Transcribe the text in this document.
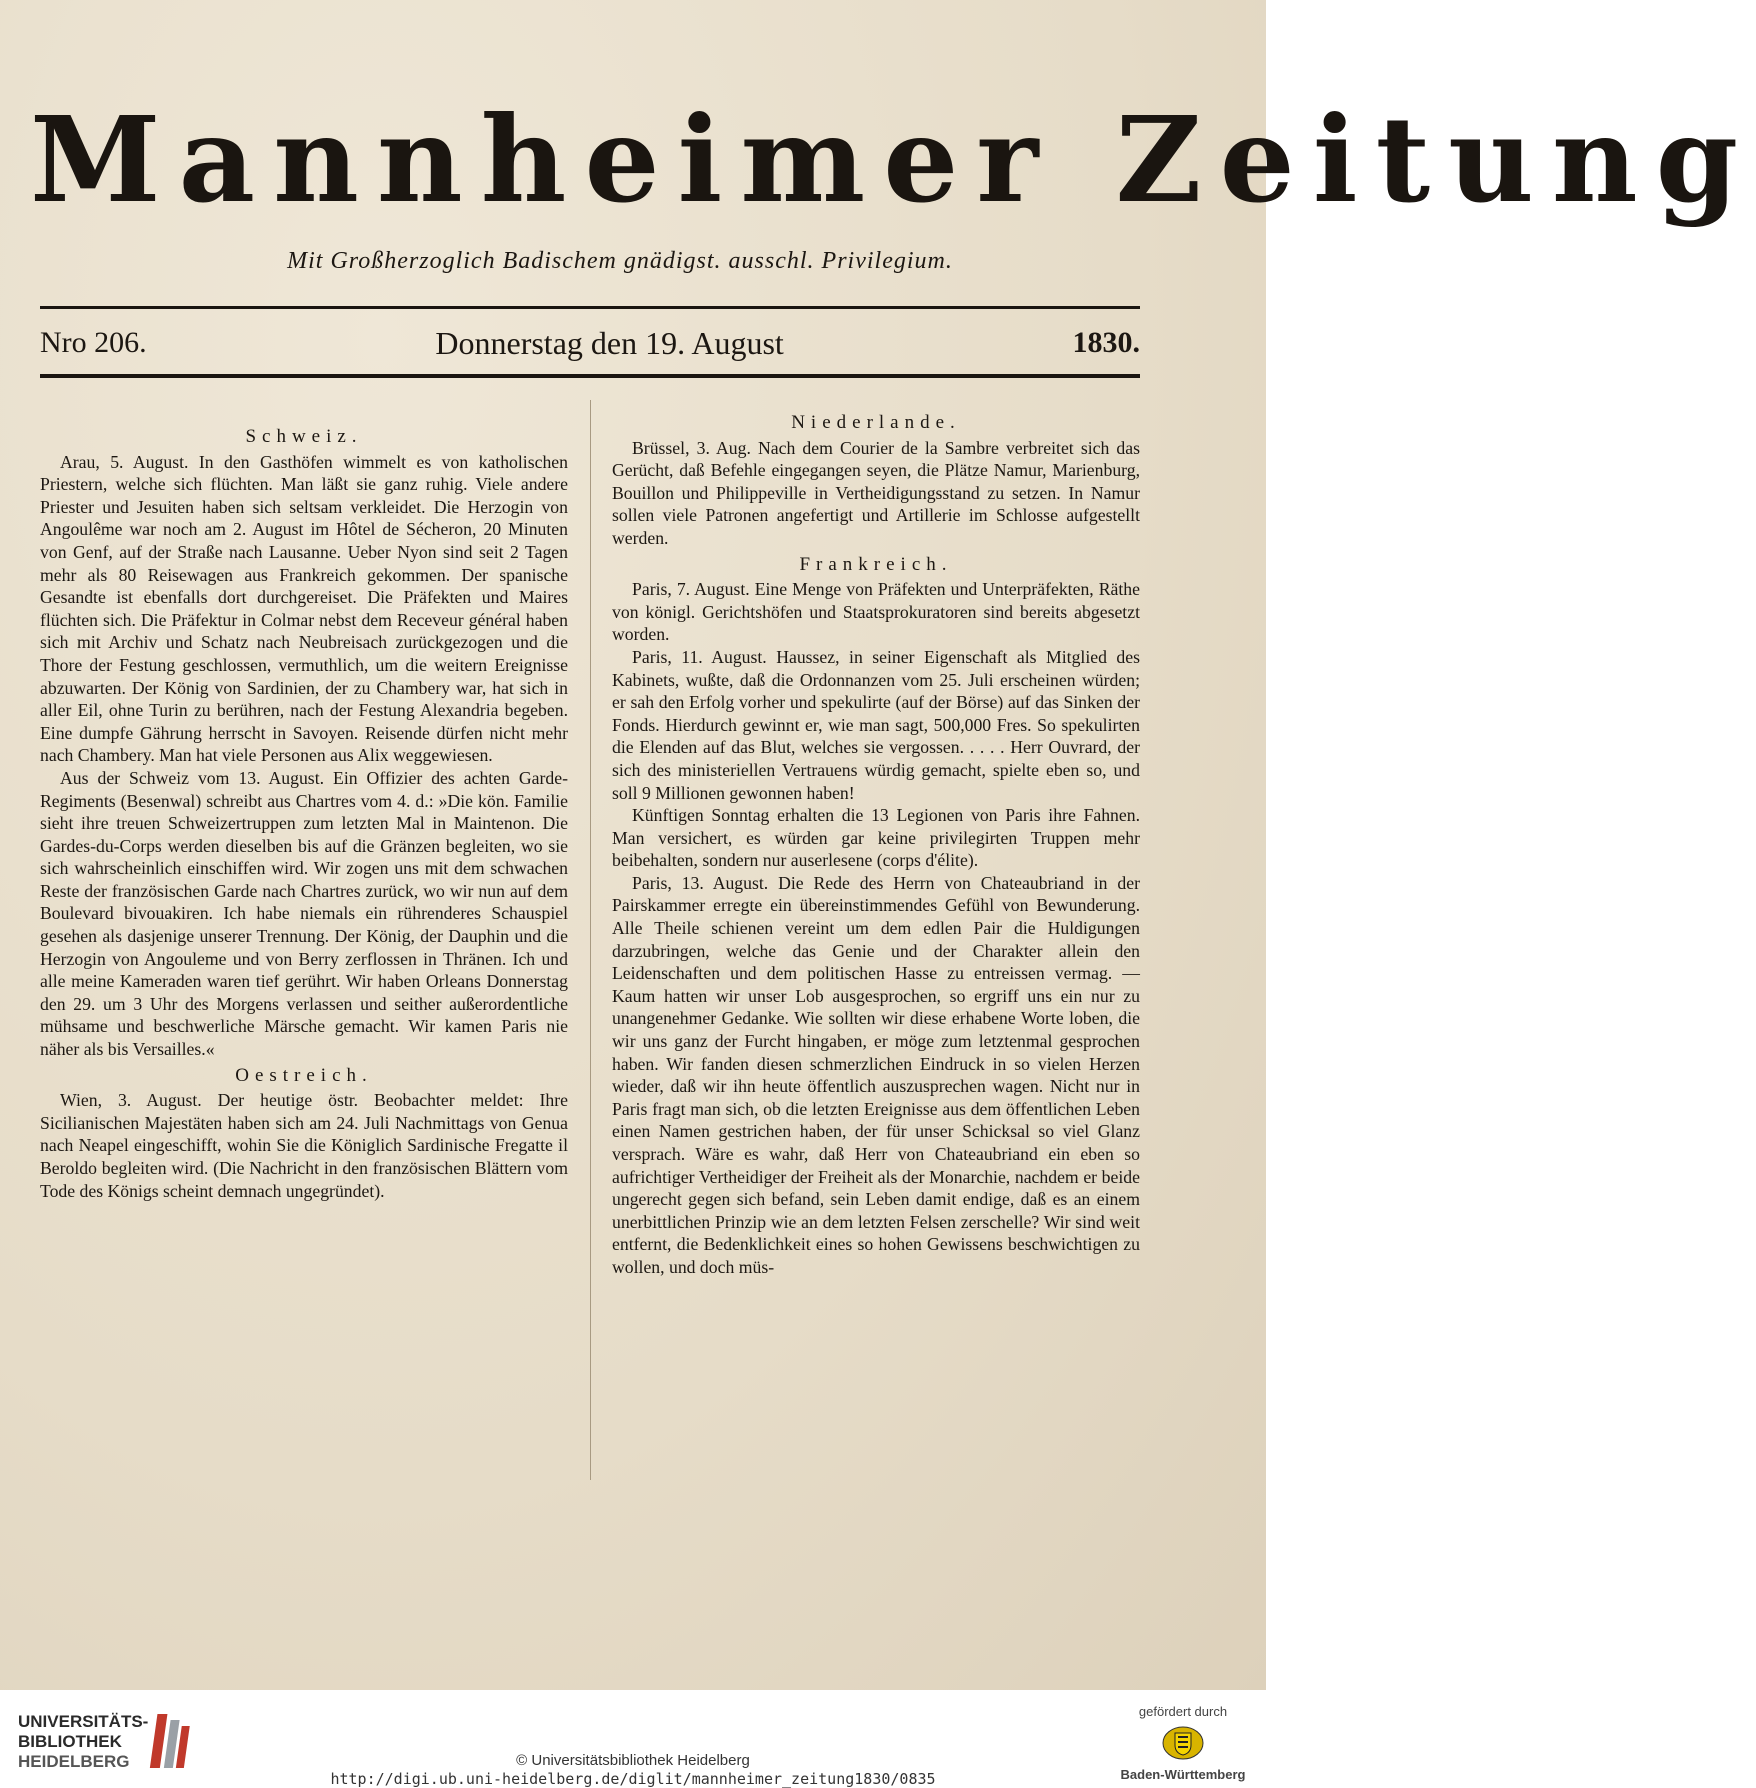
Mannheimer Zeitung
Mit Großherzoglich Badischem gnädigst. ausschl. Privilegium.
Nro 206.	Donnerstag den 19. August	1830.
Schweiz.

Arau, 5. August. In den Gasthöfen wimmelt es von katholischen Priestern, welche sich flüchten. Man läßt sie ganz ruhig. Viele andere Priester und Jesuiten haben sich seltsam verkleidet. Die Herzogin von Angoulême war noch am 2. August im Hôtel de Sécheron, 20 Minuten von Genf, auf der Straße nach Lausanne. Ueber Nyon sind seit 2 Tagen mehr als 80 Reisewagen aus Frankreich gekommen. Der spanische Gesandte ist ebenfalls dort durchgereiset. Die Präfekten und Maires flüchten sich. Die Präfektur in Colmar nebst dem Receveur général haben sich mit Archiv und Schatz nach Neubreisach zurückgezogen und die Thore der Festung geschlossen, vermuthlich, um die weitern Ereignisse abzuwarten. Der König von Sardinien, der zu Chambery war, hat sich in aller Eil, ohne Turin zu berühren, nach der Festung Alexandria begeben. Eine dumpfe Gährung herrscht in Savoyen. Reisende dürfen nicht mehr nach Chambery. Man hat viele Personen aus Alix weggewiesen.

Aus der Schweiz vom 13. August. Ein Offizier des achten Garde-Regiments (Besenwal) schreibt aus Chartres vom 4. d.: »Die kön. Familie sieht ihre treuen Schweizertruppen zum letzten Mal in Maintenon. Die Gardes-du-Corps werden dieselben bis auf die Gränzen begleiten, wo sie sich wahrscheinlich einschiffen wird. Wir zogen uns mit dem schwachen Reste der französischen Garde nach Chartres zurück, wo wir nun auf dem Boulevard bivouakiren. Ich habe niemals ein rührenderes Schauspiel gesehen als dasjenige unserer Trennung. Der König, der Dauphin und die Herzogin von Angouleme und von Berry zerflossen in Thränen. Ich und alle meine Kameraden waren tief gerührt. Wir haben Orleans Donnerstag den 29. um 3 Uhr des Morgens verlassen und seither außerordentliche mühsame und beschwerliche Märsche gemacht. Wir kamen Paris nie näher als bis Versailles.«

Oestreich.

Wien, 3. August. Der heutige östr. Beobachter meldet: Ihre Sicilianischen Majestäten haben sich am 24. Juli Nachmittags von Genua nach Neapel eingeschifft, wohin Sie die Königlich Sardinische Fregatte il Beroldo begleiten wird. (Die Nachricht in den französischen Blättern vom Tode des Königs scheint demnach ungegründet).

Niederlande.

Brüssel, 3. Aug. Nach dem Courier de la Sambre verbreitet sich das Gerücht, daß Befehle eingegangen seyen, die Plätze Namur, Marienburg, Bouillon und Philippeville in Vertheidigungsstand zu setzen. In Namur sollen viele Patronen angefertigt und Artillerie im Schlosse aufgestellt werden.

Frankreich.

Paris, 7. August. Eine Menge von Präfekten und Unterpräfekten, Räthe von königl. Gerichtshöfen und Staatsprokuratoren sind bereits abgesetzt worden.

Paris, 11. August. Haussez, in seiner Eigenschaft als Mitglied des Kabinets, wußte, daß die Ordonnanzen vom 25. Juli erscheinen würden; er sah den Erfolg vorher und spekulirte (auf der Börse) auf das Sinken der Fonds. Hierdurch gewinnt er, wie man sagt, 500,000 Fres. So spekulirten die Elenden auf das Blut, welches sie vergossen. . . . . Herr Ouvrard, der sich des ministeriellen Vertrauens würdig gemacht, spielte eben so, und soll 9 Millionen gewonnen haben!

Künftigen Sonntag erhalten die 13 Legionen von Paris ihre Fahnen. Man versichert, es würden gar keine privilegirten Truppen mehr beibehalten, sondern nur auserlesene (corps d'élite).

Paris, 13. August. Die Rede des Herrn von Chateaubriand in der Pairskammer erregte ein übereinstimmendes Gefühl von Bewunderung. Alle Theile schienen vereint um dem edlen Pair die Huldigungen darzubringen, welche das Genie und der Charakter allein den Leidenschaften und dem politischen Hasse zu entreissen vermag. — Kaum hatten wir unser Lob ausgesprochen, so ergriff uns ein nur zu unangenehmer Gedanke. Wie sollten wir diese erhabene Worte loben, die wir uns ganz der Furcht hingaben, er möge zum letztenmal gesprochen haben. Wir fanden diesen schmerzlichen Eindruck in so vielen Herzen wieder, daß wir ihn heute öffentlich auszusprechen wagen. Nicht nur in Paris fragt man sich, ob die letzten Ereignisse aus dem öffentlichen Leben einen Namen gestrichen haben, der für unser Schicksal so viel Glanz versprach. Wäre es wahr, daß Herr von Chateaubriand ein eben so aufrichtiger Vertheidiger der Freiheit als der Monarchie, nachdem er beide ungerecht gegen sich befand, sein Leben damit endige, daß es an einem unerbittlichen Prinzip wie an dem letzten Felsen zerschelle? Wir sind weit entfernt, die Bedenklichkeit eines so hohen Gewissens beschwichtigen zu wollen, und doch müs-

UNIVERSITÄTS-
BIBLIOTHEK
HEIDELBERG	© Universitätsbibliothek Heidelberg
http://digi.ub.uni-heidelberg.de/diglit/mannheimer_zeitung1830/0835
gefördert durch
Baden-Württemberg
